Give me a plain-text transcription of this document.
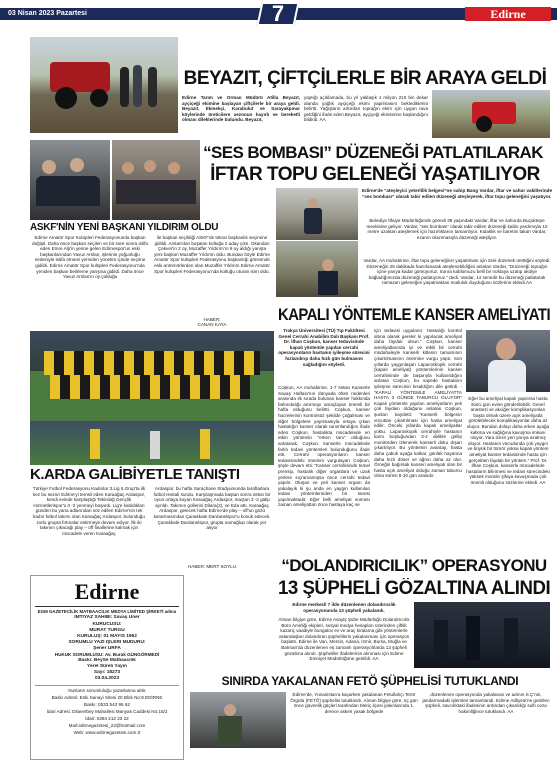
03 Nisan 2023 Pazartesi	7	Edirne
BEYAZIT, ÇİFTÇİLERLE BİR ARAYA GELDİ
Edirne Tarım ve Orman Müdürü Atilla Beyazıt, ayçiçeği ekimine başlayan çiftçilerle bir araya geldi. Beyazıt, Ekmekçi, Karabulut ve Sarayakpınar köylerinde üreticilere sezonun hayırlı ve bereketli olması dileklerinde bulundu. Beyazıt,
yaptığı açıklamada, bu yıl yaklaşık 1 milyon 210 bin dekar alanda yağlık ayçiçeği ekimi yapılmasını beklediklerini belirtti. Yağışların arttırdan toprağın ekim için uygun tava geldiğini ifade eden Beyazıt, ayçiçeği ekimlerine başlandığını bildirdi. AA
“SES BOMBASI” DÜZENEĞİ PATLATILARAK
İFTAR TOPU GELENEĞİ YAŞATILIYOR
Edirne'de “ateşleyici yeterlilik belgesi”ne sahip Bang Vardar, iftar ve sahur vakitlerinde “ses bombası” olarak tabir edilen düzeneği ateşleyerek, iftar topu geleneğini yaşatıyor.
Belediye İtfaiye Müdürlüğünde görevli 38 yaşındaki Vardar, iftar ve sahurda Buçuktepe mevkisine geliyor. Vardar, “ses bombası” olarak tabir edilen düzeneği kablo yardımıyla 10 metre uzaktan ateşlemek için hazırlıklarını tamamlıyor. Kulaklık ve baretini takan Vardar, ezanın okunmasıyla düzeneği ateşliyor.
Vardar, AA muhabirine, iftar topu geleneğinin yaşatılması için özel düzenek ürettiğini söyledi. Düzeneğin 25 dakikada hazırlanarak ateşlenebildiğini anlatan Vardar, “Düzeneği toprağın içine yarıya kadar gömüyoruz. Sonra kablomuzu belli bir noktaya uzatıp akülye bağladığımızda düzeneği patlatıyoruz.” dedi. Vardar, 14 senedir bu düzeneği patlatarak ramazan geleneğini yaşatmaktan mutluluk duyduğunu sözlerine ekledi.AA
ASKF'NİN YENİ BAŞKANI YILDIRIM OLDU
Edirne Amatör Spor Kulüpleri Federasyonunda başkan değişti. Daha önce başkan seçilen ve bir süre sonra istifa eden Emre Alp'in yerine gelen Edirnespor'un eski başkanlarından Yavuz Arslan, işlerinin yoğunluğu nedeniyle istifa etmesi yerinden yönetim içinde seçime gidildi. Edirne Amatör Spor kulüpleri Federasyonu'nda yeniden başkan belirleme yarışına gidildi. Daha önce Yavuz Arslan'ın oy çokluğu
ile başkan seçildiği ASKF'de tekrar başkanlık seçimine gidildi. Arslan'dan boşalan koltuğa 2 aday çıktı. Okandan Çekver'in 2 oy, Muzaffer Yıldırım'ın 8 oy aldığı yarışta yeni başkan Muzaffer Yıldırım oldu. Bundan böyle Edirne Amatör Spor kulüpleri Federasyonu başkanlığı görevinde eski antrenörlerden olan Muzaffer Yıldırım Edirne Amatör Spor kulüpleri Federasyonu'nda koltuğu oturan isim oldu.
HABER:
CANAN KAYA
KAPALI YÖNTEMLE KANSER AMELİYATI
Trakya Üniversitesi (TÜ) Tıp Fakültesi Genel Cerrahi Anabilim Dalı Başkanı Prof. Dr. İlhan Coşkun, kanser tedavisinde kapalı yöntemle yapılan cerrahi operasyonların hastanın iyileşme sürecini hızlandırıp daha hızlı gün bulmasını sağladığını söyledi.
Coşkun, AA muhabirine, 1-7 Nisan Kanserle Savaş Haftası'nın dünyada ölüm nedenleri arasında ilk sırada bulunan kanser hakkında farkındalığı artırmayı amaçlayan önemli bir hafta olduğunu belirtti. Coşkun, kanser hücrelerinin kontrolsüz şekilde çoğalması ve diğer bölgelere yayılmasıyla ortaya çıkan hastalığın kanser olarak tanımlandığını ifade eden Coşkun, hastalıkta mücadelede en etkin yöntemin “erken tanı” olduğunu anlatarak, Coşkun, kanserle mücadelede farklı tedavi yöntemleri bulunduğunu ifade etti. Cerrahi operasyonların kanser tedavisindeki önemini vurgulayan Coşkun, şöyle devam etti: “Kanser cerrahisinde temel prensip, hastalık diğer organlara ve uzak yerlere sıçramamışsa önce cerrahi tedavi yapılır. Oluşan ve yeri kanser organı da yakalayık ki şu anda en yaygın kullanılan tedavi yöntemlerinden bir tanesi yapılmaktadır. Eğer belli ameliyat sonrası zaman ameliyattan önce hastaya kaç ve
için tedavisi uygulanır. Hastalığı kontrol altına alarak gerekir ki yapılacak ameliyat daha faydalı olsun.” Coşkun, kanser ameliyatlarında iyi ve etkili bir cerrahi müdahaleyle kanserli kitlenin tamamının çıkartılmasının önemine vurgu yaptı. Son yıllarda yaygınlaşan Laparoskopik cerrahi (kapalı ameliyat) yöntemlerinin kanser cerrahisinde de başarıyla kullanıldığını anlatan Coşkun, bu sayede hastaların iyileşme sürecinin kısaldığını dile getirdi. - “KAPALI YÖNTEMLE AMELİYATTA HASTA 3 GÜNDE TABURCU OLUYOR” Kapalı yöntemle yapılan ameliyatların pek çok faydası olduğunu anlatan Coşkun, şunları kaydetti: “Kanserli bölgenin vücuttan çıkartılması için hasta ameliyat edilir. Önceki yıllarda kapalı ameliyatlar yoktu. Laparoskopik cerrahiyle hastanın karnı boşluğundan 3-4 delikle girilip monitörden izlenerek kanserli doku dışarı çıkartılıyor. Bu yöntemin avantajı, hasta daha çabuk ayağa kalkar, günlük hayatına daha hızlı döner ve ağrısı daha az olur. Örneğin bağırsak kanseri ameliyatı olan bir hasta açık ameliyat olduğu zaman taburcu olma süresi 8-10 gün arasıdır.
Eğer bu ameliyat kapalı yapılırsa hasta ikinci gün evine gönderilebilir. Genel anestezi ve akciğer komplikasyonları başta olmak üzere açık ameliyatla görülebilecek komplikasyonlar daha az oluyor. Bundan dolayı daha erken ayağa kalkma ve sağlığına kavuşma imkanı oluyor. Yara izinin yeri yarıya azalmış oluyor. Hastanın vücudunda çok yaygın ve büyük bir tümör yoksa kapalı yöntem ameliyat kanser tedavisinde hasta için gerçekten faydalı bir yöntem.” Prof. Dr. İlhan Coşkun, kanserle mücadelede hastaların bilinmesi ve tedavi sürecindeki yüksek moralin şifaya kavuşmada çok önemli olduğunu sözlerine ekledi. AA
K.ARDA GALİBİYETLE TANIŞTI
Türkiye Futbol Federasyonu Kadınlar 3.Lig 5.Grup'ta ilk kez bu sezon Edirne'yi temsil eden Karaağaç Ardaspor, kendi evinde karşılaştığı Tekirdağ Gençlik Hizmetlerispor'u 3 -2 yenmeyi başardı. Lig'e katıldıkları günden bu yana adlarından söz edilen Edirne'nin tek kadın futbol takımı olan Karaağaç Ardaspor, bulunduğu zorlu grupta fırtınalar estirmeye devam ediyor. İlk iki takımın çıkacağı play – off finallerine kalmak için mücadele veren Karaağaç
Ardaspor, bu hafta Saraçhane Stadyumunda taraftarlara futbol resitali sundu. Karşılaşmada baştan sonra üstün bir oyun ortaya koyan Karaağaç Ardaspor, maçtan 3 -2 galip ayrıldı. Takımın gollerini Dilara(2), ve Eda attı. Karaağaç Ardaspor, gelecek hafta Edirne'de play – off'un gözü kararmasından Çanakkale Dardanelspor'u konuk edecek. Çanakkale Dardanelspor, grupta namağlup olarak yer alıyor
HABER: MERT SOYLU	“DOLANDIRICILIK” OPERASYONU
13 ŞÜPHELİ GÖZALTINA ALINDI
Edirne merkezli 7 ilde düzenlenen dolandırıcılık operasyonunda 13 şüpheli yakalandı.
Alınan bilgiye göre, Edirne Asayiş Şube Müdürlüğü Dolandırıcılık Büro Amirliği ekipleri, sosyal medya hesapları üzerinden çiftlik kazanç vaadiyle bungalov ev ve araç kiralama gibi yöntemlerle vatandaşları dolandıran şüphelilerin yakalanması için operasyon başlattı. Edirne ile Van, Mersin, Adana, İzmir, Bursa, Muğla ve Batman'da düzenlenen eş zamanlı operasyonlarda 13 şüpheli gözaltına alındı. Şüpheliler ifadelerinin alınması için Edirne Emniyet Müdürlüğüne getirildi. AA
SINIRDA YAKALANAN FETÖ ŞÜPHELİSİ TUTUKLANDI
Edirne'de, Yunanistan'a kaçarken yakalanan Fetullahçı Terör Örgütü (FETÖ) şüphelisi tutuklandı. Alınan bilgiye göre, üç gün önce güvenlik güçleri tarafından Meriç ilçesi yakınlarında 1. derece askeri yasak bölgede
düzenlenen operasyonda yakalanan ve adının S.Ç'nin, jandarmadaki işlemleri tamamlandı. Edirne Adliyesi'ne getirilen şüpheli, savcılıktaki ifadesinin ardından çıkarıldığı sulh ceza hakimliğince tutuklandı. AA
Edirne
EGM GAZETECİLİK MATBAACILIK MEDYA LİMİTED ŞİRKETİ adına
İMTİYAZ SAHİBİ: Savaş Üner
KURUCUSU:
MURAT TURGU
KURULUŞ: 01 MAYIS 1962
SORUMLU YAZI İŞLERİ MÜDÜRÜ:
Şener URFA
HUKUK SORUMLUSU: Av. Burak GÜNGÖRMEDİ
Baskı: BeySe Matbaacılık
Yerel Süreli Yayın
Sayı: 18273
03.04.2023
Yazıların sorumluluğu yazarlarına aittir.
Baskı Adresi: Eski Sanayi Sitesi 20 Blok No:9 EDİRNE
Baskı: 0533 543 95 62
İdari Adresi: Dilaverbey Mahallesi Manyas Caddesi No:15/2
İdari: 0284 212 23 22
Mail:edirnegazetesi_22@hotmail.com
Web: www.edirnegazetesi.com.tr
